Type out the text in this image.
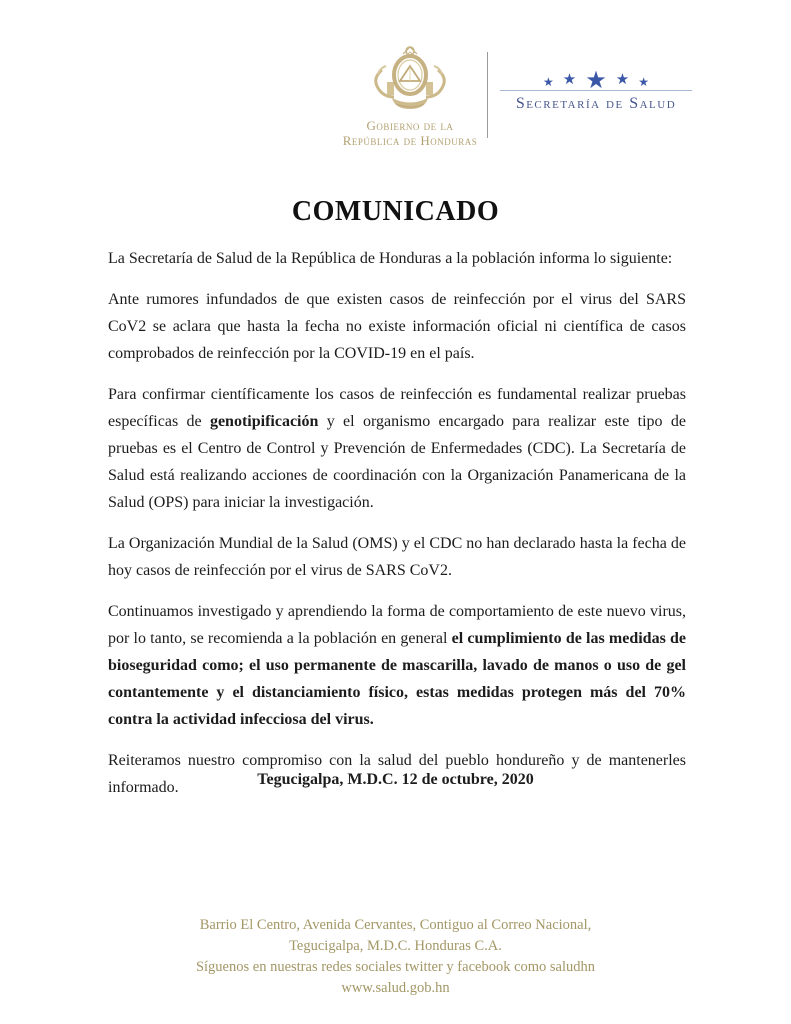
Gobierno de la
República de Honduras
★ ★ ★ ★ ★
Secretaría de Salud
COMUNICADO

La Secretaría de Salud de la República de Honduras a la población informa lo siguiente:

Ante rumores infundados de que existen casos de reinfección por el virus del SARS CoV2 se aclara que hasta la fecha no existe información oficial ni científica de casos comprobados de reinfección por la COVID-19 en el país.

Para confirmar científicamente los casos de reinfección es fundamental realizar pruebas específicas de genotipificación y el organismo encargado para realizar este tipo de pruebas es el Centro de Control y Prevención de Enfermedades (CDC). La Secretaría de Salud está realizando acciones de coordinación con la Organización Panamericana de la Salud (OPS) para iniciar la investigación.

La Organización Mundial de la Salud (OMS) y el CDC no han declarado hasta la fecha de hoy casos de reinfección por el virus de SARS CoV2.

Continuamos investigado y aprendiendo la forma de comportamiento de este nuevo virus, por lo tanto, se recomienda a la población en general el cumplimiento de las medidas de bioseguridad como; el uso permanente de mascarilla, lavado de manos o uso de gel contantemente y el distanciamiento físico, estas medidas protegen más del 70% contra la actividad infecciosa del virus.

Reiteramos nuestro compromiso con la salud del pueblo hondureño y de mantenerles informado.	Tegucigalpa, M.D.C. 12 de octubre, 2020
Barrio El Centro, Avenida Cervantes, Contiguo al Correo Nacional,
Tegucigalpa, M.D.C. Honduras C.A.
Síguenos en nuestras redes sociales twitter y facebook como saludhn
www.salud.gob.hn
